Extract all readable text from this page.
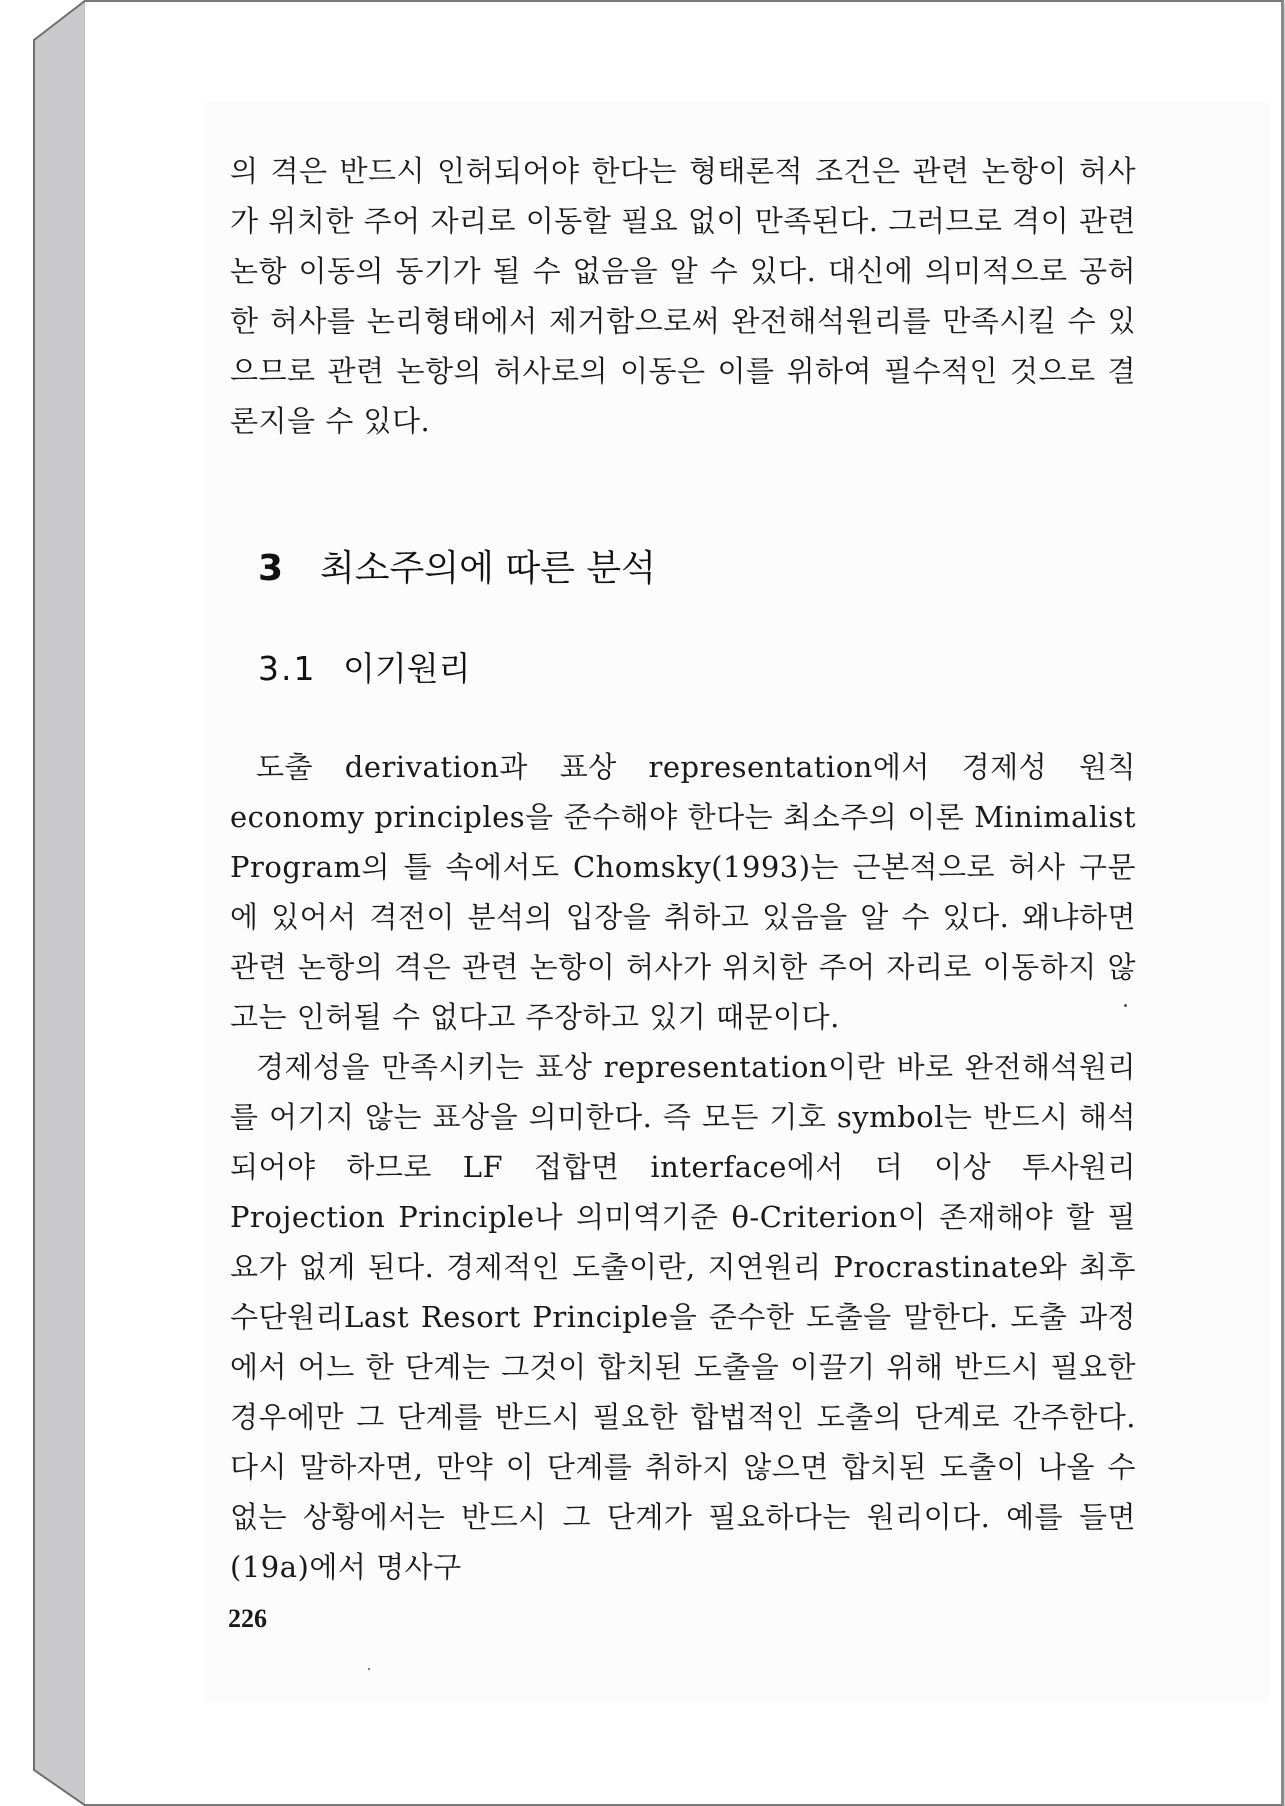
의 격은 반드시 인허되어야 한다는 형태론적 조건은 관련 논항이 허사가 위치한 주어 자리로 이동할 필요 없이 만족된다. 그러므로 격이 관련 논항 이동의 동기가 될 수 없음을 알 수 있다. 대신에 의미적으로 공허한 허사를 논리형태에서 제거함으로써 완전해석원리를 만족시킬 수 있으므로 관련 논항의 허사로의 이동은 이를 위하여 필수적인 것으로 결론지을 수 있다.

3 최소주의에 따른 분석
3.1 이기원리

도출 derivation과 표상 representation에서 경제성 원칙 economy principles을 준수해야 한다는 최소주의 이론 Minimalist Program의 틀 속에서도 Chomsky(1993)는 근본적으로 허사 구문에 있어서 격전이 분석의 입장을 취하고 있음을 알 수 있다. 왜냐하면 관련 논항의 격은 관련 논항이 허사가 위치한 주어 자리로 이동하지 않고는 인허될 수 없다고 주장하고 있기 때문이다.

경제성을 만족시키는 표상 representation이란 바로 완전해석원리를 어기지 않는 표상을 의미한다. 즉 모든 기호 symbol는 반드시 해석되어야 하므로 LF 접합면 interface에서 더 이상 투사원리 Projection Principle나 의미역기준 θ-Criterion이 존재해야 할 필요가 없게 된다. 경제적인 도출이란, 지연원리 Procrastinate와 최후수단원리Last Resort Principle을 준수한 도출을 말한다. 도출 과정에서 어느 한 단계는 그것이 합치된 도출을 이끌기 위해 반드시 필요한 경우에만 그 단계를 반드시 필요한 합법적인 도출의 단계로 간주한다. 다시 말하자면, 만약 이 단계를 취하지 않으면 합치된 도출이 나올 수 없는 상황에서는 반드시 그 단계가 필요하다는 원리이다. 예를 들면 (19a)에서 명사구

226
